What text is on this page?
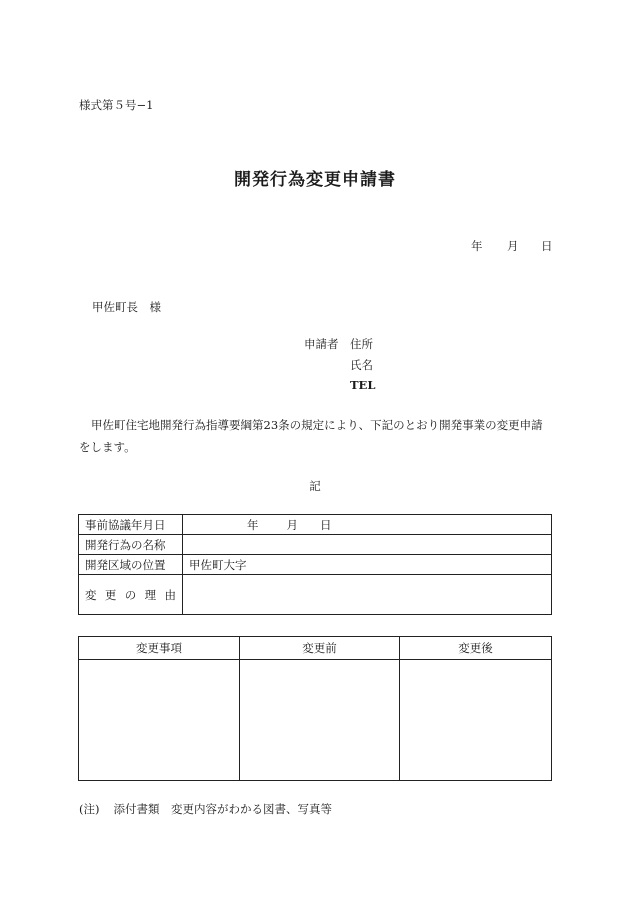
様式第５号−1
開発行為変更申請書
年 月 日
甲佐町長　様
申請者 住所
氏名
TEL
甲佐町住宅地開発行為指導要綱第23条の規定により、下記のとおり開発事業の変更申請をします。
記
事前協議年月日	年 月 日
開発行為の名称	
開発区域の位置	甲佐町大字

変 更 の 理 由	

変更事項	変更前	変更後

(注) 添付書類　変更内容がわかる図書、写真等
